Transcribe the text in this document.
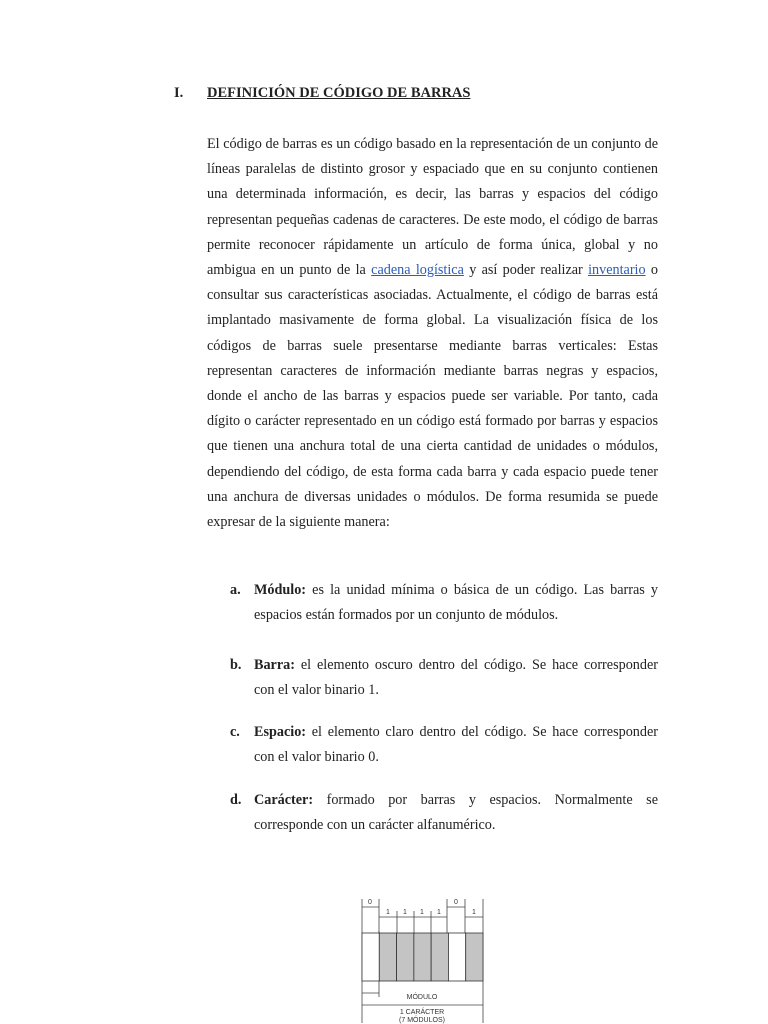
I. DEFINICIÓN DE CÓDIGO DE BARRAS

El código de barras es un código basado en la representación de un conjunto de líneas paralelas de distinto grosor y espaciado que en su conjunto contienen una determinada información, es decir, las barras y espacios del código representan pequeñas cadenas de caracteres. De este modo, el código de barras permite reconocer rápidamente un artículo de forma única, global y no ambigua en un punto de la cadena logística y así poder realizar inventario o consultar sus características asociadas. Actualmente, el código de barras está implantado masivamente de forma global. La visualización física de los códigos de barras suele presentarse mediante barras verticales: Estas representan caracteres de información mediante barras negras y espacios, donde el ancho de las barras y espacios puede ser variable. Por tanto, cada dígito o carácter representado en un código está formado por barras y espacios que tienen una anchura total de una cierta cantidad de unidades o módulos, dependiendo del código, de esta forma cada barra y cada espacio puede tener una anchura de diversas unidades o módulos. De forma resumida se puede expresar de la siguiente manera:

a. Módulo: es la unidad mínima o básica de un código. Las barras y espacios están formados por un conjunto de módulos.
b. Barra: el elemento oscuro dentro del código. Se hace corresponder con el valor binario 1.
c. Espacio: el elemento claro dentro del código. Se hace corresponder con el valor binario 0.
d. Carácter: formado por barras y espacios. Normalmente se corresponde con un carácter alfanumérico.
0
1 1 1 1
0
1
MÓDULO
1 CARÁCTER
(7 MÓDULOS)
